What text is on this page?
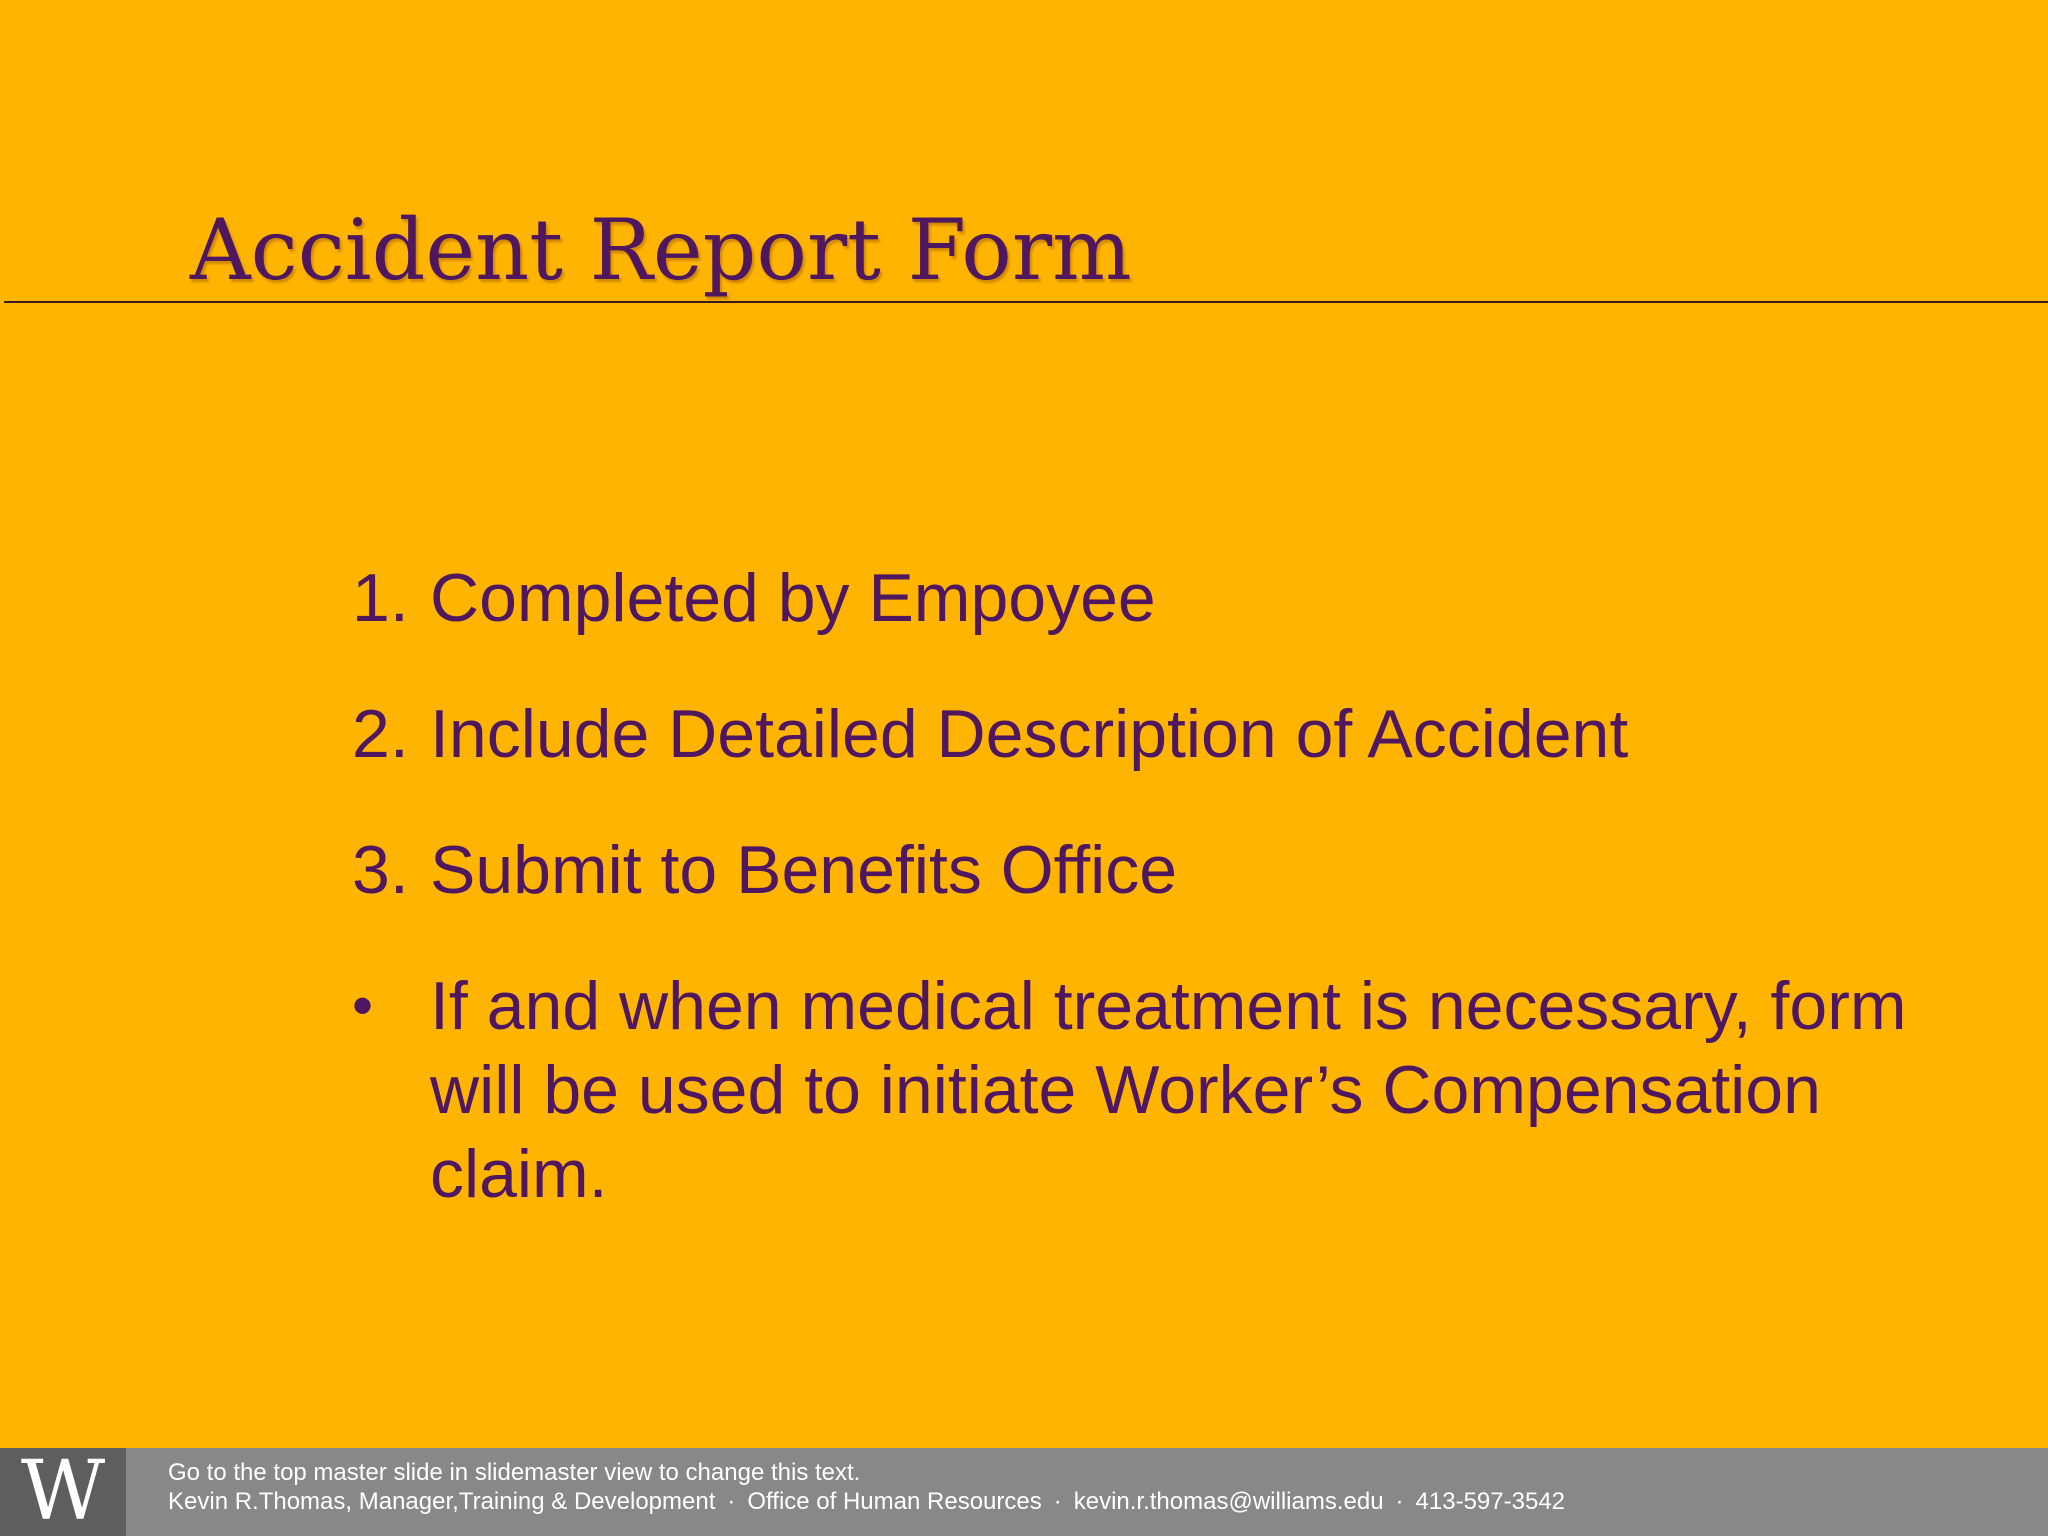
Accident Report Form
1. Completed by Empoyee
2. Include Detailed Description of Accident
3. Submit to Benefits Office
• If and when medical treatment is necessary, form will be used to initiate Worker’s Compensation claim.
W	Go to the top master slide in slidemaster view to change this text.
Kevin R.Thomas, Manager,Training & Development · Office of Human Resources · kevin.r.thomas@williams.edu · 413-597-3542
